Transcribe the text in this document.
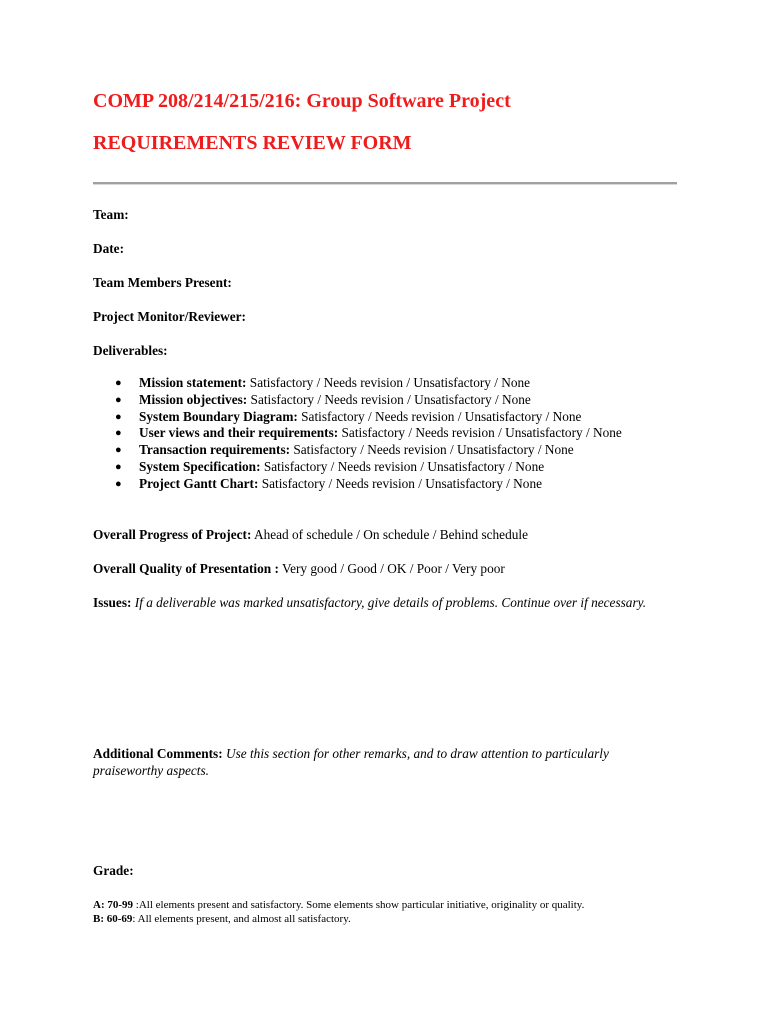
COMP 208/214/215/216: Group Software Project
REQUIREMENTS REVIEW FORM
Team:
Date:
Team Members Present:
Project Monitor/Reviewer:
Deliverables:
● Mission statement: Satisfactory / Needs revision / Unsatisfactory / None
● Mission objectives: Satisfactory / Needs revision / Unsatisfactory / None
● System Boundary Diagram: Satisfactory / Needs revision / Unsatisfactory / None
● User views and their requirements: Satisfactory / Needs revision / Unsatisfactory / None
● Transaction requirements: Satisfactory / Needs revision / Unsatisfactory / None
● System Specification: Satisfactory / Needs revision / Unsatisfactory / None
● Project Gantt Chart: Satisfactory / Needs revision / Unsatisfactory / None
Overall Progress of Project: Ahead of schedule / On schedule / Behind schedule
Overall Quality of Presentation : Very good / Good / OK / Poor / Very poor
Issues: If a deliverable was marked unsatisfactory, give details of problems. Continue over if necessary.
Additional Comments: Use this section for other remarks, and to draw attention to particularly praiseworthy aspects.
Grade:
A: 70-99 :All elements present and satisfactory. Some elements show particular initiative, originality or quality.
B: 60-69: All elements present, and almost all satisfactory.
